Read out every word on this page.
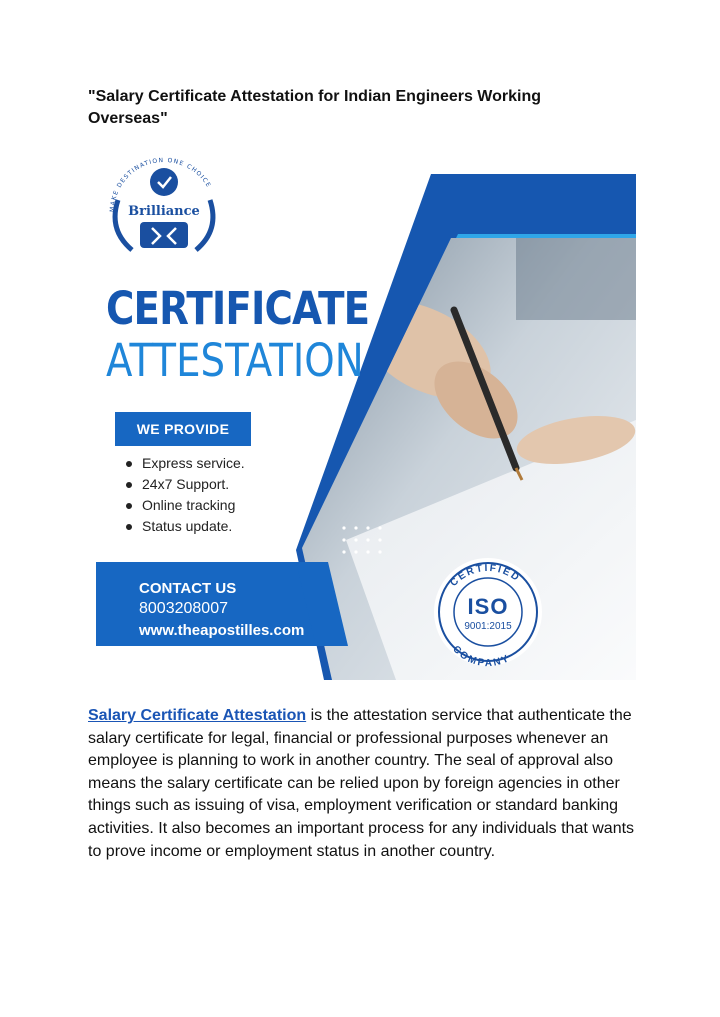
"Salary Certificate Attestation for Indian Engineers Working Overseas"
MAKE DESTINATION ONE CHOICE
CERTIFIED
COMPANY
Brilliance
CERTIFICATE
ATTESTATION
WE PROVIDE
Express service.
24x7 Support.
Online tracking
Status update.
CONTACT US
8003208007
www.theapostilles.com
ISO
9001:2015
Salary Certificate Attestation is the attestation service that authenticate the salary certificate for legal, financial or professional purposes whenever an employee is planning to work in another country. The seal of approval also means the salary certificate can be relied upon by foreign agencies in other things such as issuing of visa, employment verification or standard banking activities. It also becomes an important process for any individuals that wants to prove income or employment status in another country.
